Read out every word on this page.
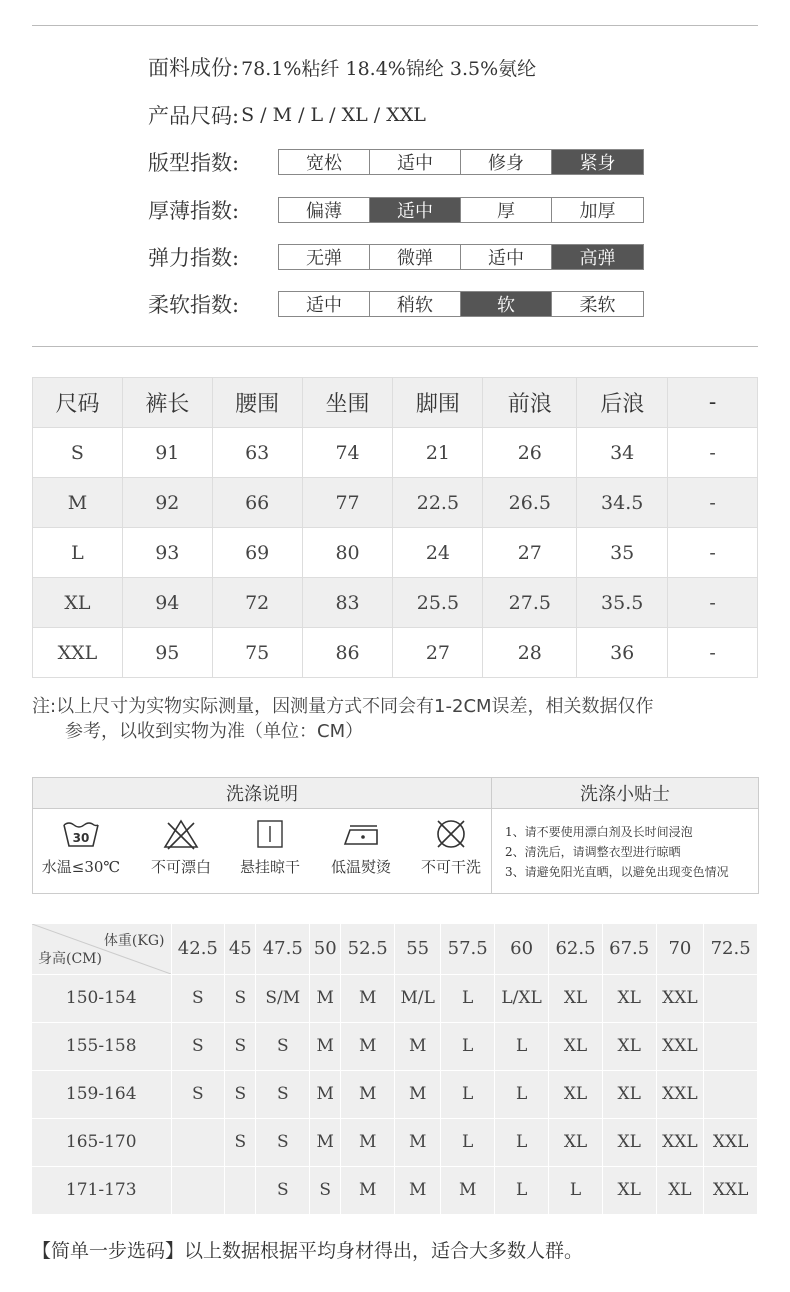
面料成份: 78.1%粘纤 18.4%锦纶 3.5%氨纶
产品尺码: S / M / L / XL / XXL
版型指数:	宽松	适中	修身	紧身
厚薄指数:	偏薄	适中	厚	加厚
弹力指数:	无弹	微弹	适中	高弹
柔软指数:	适中	稍软	软	柔软
尺码	裤长	腰围	坐围	脚围	前浪	后浪	-
S	91	63	74	21	26	34	-
M	92	66	77	22.5	26.5	34.5	-
L	93	69	80	24	27	35	-
XL	94	72	83	25.5	27.5	35.5	-
XXL	95	75	86	27	28	36	-
注:以上尺寸为实物实际测量，因测量方式不同会有1-2CM误差，相关数据仅作
参考，以收到实物为准（单位：CM）
洗涤说明	洗涤小贴士
30
水温≤30℃	不可漂白	悬挂晾干	低温熨烫	不可干洗
1、请不要使用漂白剂及长时间浸泡
2、清洗后，请调整衣型进行晾晒
3、请避免阳光直晒，以避免出现变色情况
体重(KG)
身高(CM)	42.5	45	47.5	50	52.5	55	57.5	60	62.5	67.5	70	72.5
150-154	S	S	S/M	M	M	M/L	L	L/XL	XL	XL	XXL	
155-158	S	S	S	M	M	M	L	L	XL	XL	XXL	
159-164	S	S	S	M	M	M	L	L	XL	XL	XXL	
165-170		S	S	M	M	M	L	L	XL	XL	XXL	XXL
171-173			S	S	M	M	M	L	L	XL	XL	XXL
【简单一步选码】以上数据根据平均身材得出，适合大多数人群。
